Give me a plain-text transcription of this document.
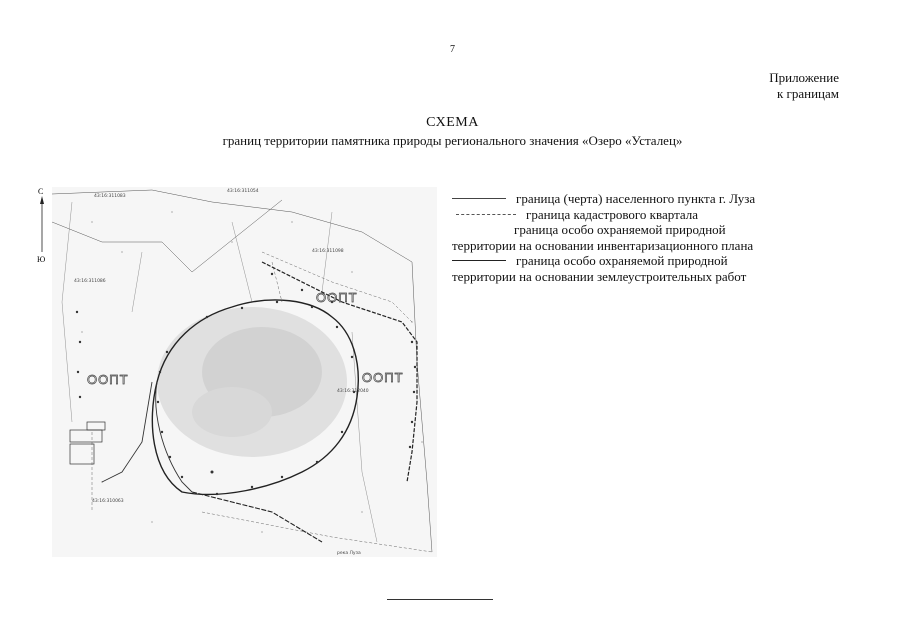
7
Приложение
к границам
СХЕМА
границ территории памятника природы регионального значения «Озеро «Усталец»
С
Ю
ООПТ
ООПТ
ООПТ
43:16:311083
43:16:311054
43:16:311098
43:16:311086
43:16:312040
43:16:310063
река Луза
граница (черта) населенного пункта г. Луза
граница кадастрового квартала
граница особо охраняемой природной
территории на основании инвентаризационного плана
граница особо охраняемой природной
территории на основании землеустроительных работ
